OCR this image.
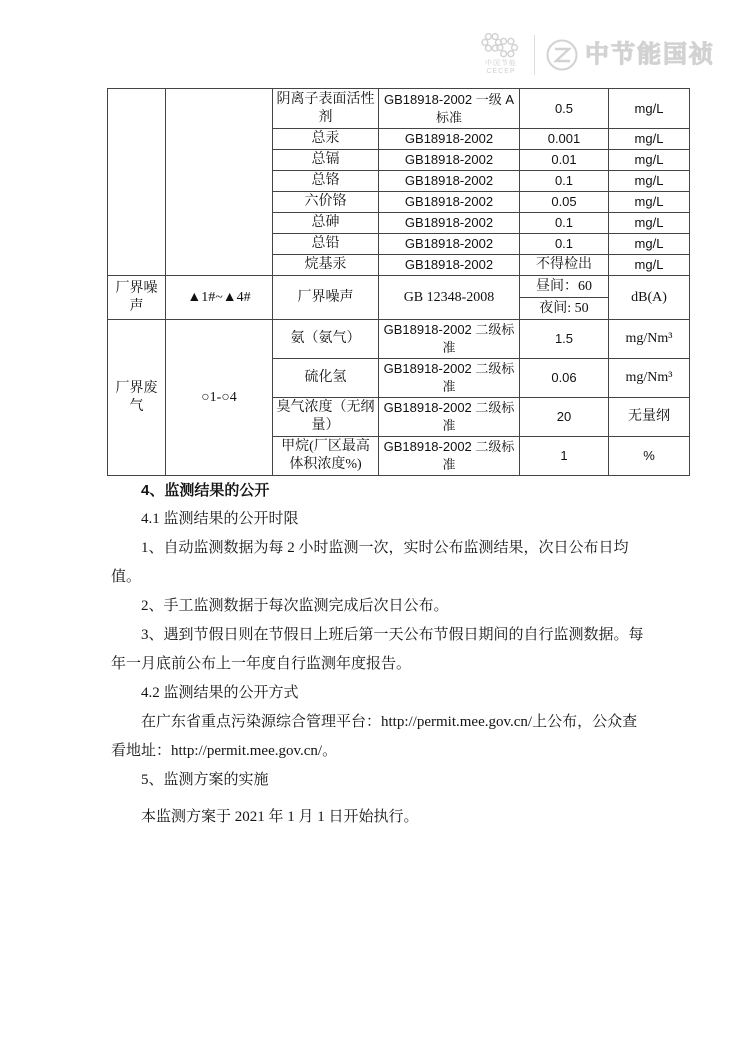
中国节能
CECEP
中节能国祯
		阴离子表面活性剂	GB18918-2002 一级 A 标准	0.5	mg/L
		总汞	GB18918-2002	0.001	mg/L
		总镉	GB18918-2002	0.01	mg/L
		总铬	GB18918-2002	0.1	mg/L
		六价铬	GB18918-2002	0.05	mg/L
		总砷	GB18918-2002	0.1	mg/L
		总铅	GB18918-2002	0.1	mg/L
		烷基汞	GB18918-2002	不得检出	mg/L
厂界噪声	▲1#~▲4#	厂界噪声	GB 12348-2008	昼间：60	dB(A)
				夜间: 50	
厂界废气	○1-○4	氨（氨气）	GB18918-2002 二级标准	1.5	mg/Nm³
		硫化氢	GB18918-2002 二级标准	0.06	mg/Nm³
		臭气浓度（无纲量）	GB18918-2002 二级标准	20	无量纲
		甲烷(厂区最高体积浓度%)	GB18918-2002 二级标准	1	%

4、监测结果的公开

4.1 监测结果的公开时限

1、自动监测数据为每 2 小时监测一次，实时公布监测结果，次日公布日均值。

2、手工监测数据于每次监测完成后次日公布。

3、遇到节假日则在节假日上班后第一天公布节假日期间的自行监测数据。每年一月底前公布上一年度自行监测年度报告。

4.2 监测结果的公开方式

在广东省重点污染源综合管理平台：http://permit.mee.gov.cn/上公布，公众查看地址：http://permit.mee.gov.cn/。

5、监测方案的实施

本监测方案于 2021 年 1 月 1 日开始执行。
